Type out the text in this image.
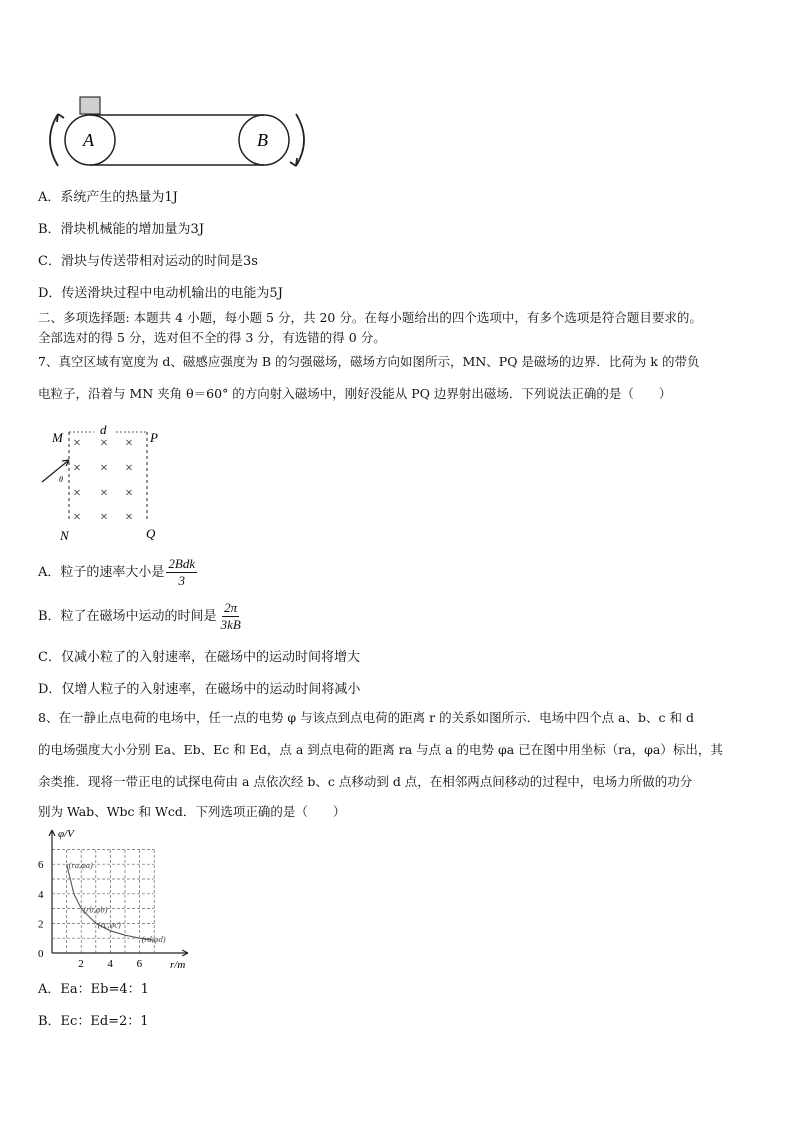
A	B
A．系统产生的热量为1J
B．滑块机械能的增加量为3J
C．滑块与传送带相对运动的时间是3s
D．传送滑块过程中电动机输出的电能为5J
二、多项选择题: 本题共 4 小题，每小题 5 分，共 20 分。在每小题给出的四个选项中，有多个选项是符合题目要求的。
全部选对的得 5 分，选对但不全的得 3 分，有选错的得 0 分。
7、真空区域有宽度为 d、磁感应强度为 B 的匀强磁场，磁场方向如图所示，MN、PQ 是磁场的边界．比荷为 k 的带负
电粒子，沿着与 MN 夹角 θ＝60° 的方向射入磁场中，刚好没能从 PQ 边界射出磁场．下列说法正确的是（　　）
M
d
P
N	Q
θ
× × ×
× × ×
× × ×
× × ×
A．粒子的速率大小是 $\frac{\text{2Bdk}}{3}$
B．粒了在磁场中运动的时间是 $\frac{2\pi}{3kB}$
C．仅减小粒了的入射速率，在磁场中的运动时间将增大
D．仅增人粒子的入射速率，在磁场中的运动时间将减小
8、在一静止点电荷的电场中，任一点的电势 φ 与该点到点电荷的距离 r 的关系如图所示．电场中四个点 a、b、c 和 d
的电场强度大小分别 Ea、Eb、Ec 和 Ed，点 a 到点电荷的距离 ra 与点 a 的电势 φa 已在图中用坐标（ra，φa）标出，其
余类推．现将一带正电的试探电荷由 a 点依次经 b、c 点移动到 d 点，在相邻两点间移动的过程中，电场力所做的功分
别为 Wab、Wbc 和 Wcd．下列选项正确的是（　　）
φ/V
r/m
2 4 6
0
2
4
6	(ra,φa)
(rb,φb)
(rc,φc)
(rd,φd)
A．Ea：Eb=4：1
B．Ec：Ed=2：1
